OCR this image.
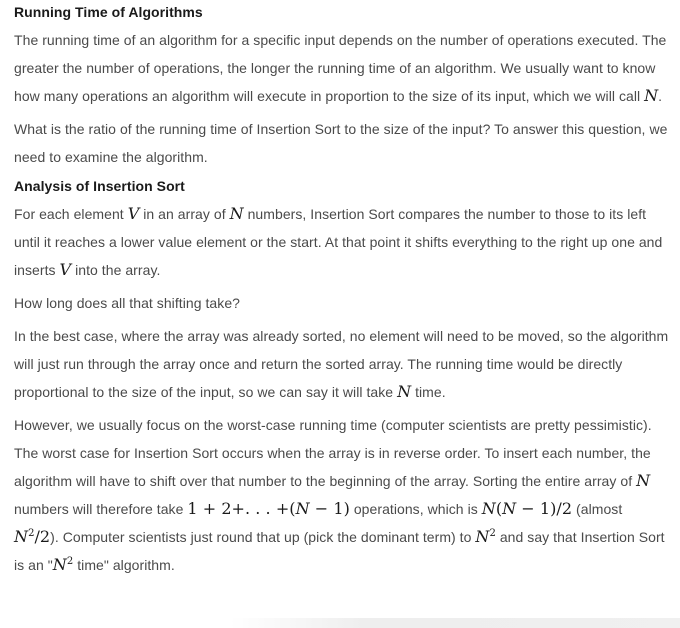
Running Time of Algorithms

The running time of an algorithm for a specific input depends on the number of operations executed. The greater the number of operations, the longer the running time of an algorithm. We usually want to know how many operations an algorithm will execute in proportion to the size of its input, which we will call N.

What is the ratio of the running time of Insertion Sort to the size of the input? To answer this question, we need to examine the algorithm.

Analysis of Insertion Sort

For each element V in an array of N numbers, Insertion Sort compares the number to those to its left until it reaches a lower value element or the start. At that point it shifts everything to the right up one and inserts V into the array.

How long does all that shifting take?

In the best case, where the array was already sorted, no element will need to be moved, so the algorithm will just run through the array once and return the sorted array. The running time would be directly proportional to the size of the input, so we can say it will take N time.

However, we usually focus on the worst-case running time (computer scientists are pretty pessimistic). The worst case for Insertion Sort occurs when the array is in reverse order. To insert each number, the algorithm will have to shift over that number to the beginning of the array. Sorting the entire array of N numbers will therefore take 1 + 2+. . . +(N − 1) operations, which is N(N − 1)/2 (almost $N^2/2$). Computer scientists just round that up (pick the dominant term) to $N^2$ and say that Insertion Sort is an "$N^2$ time" algorithm.
